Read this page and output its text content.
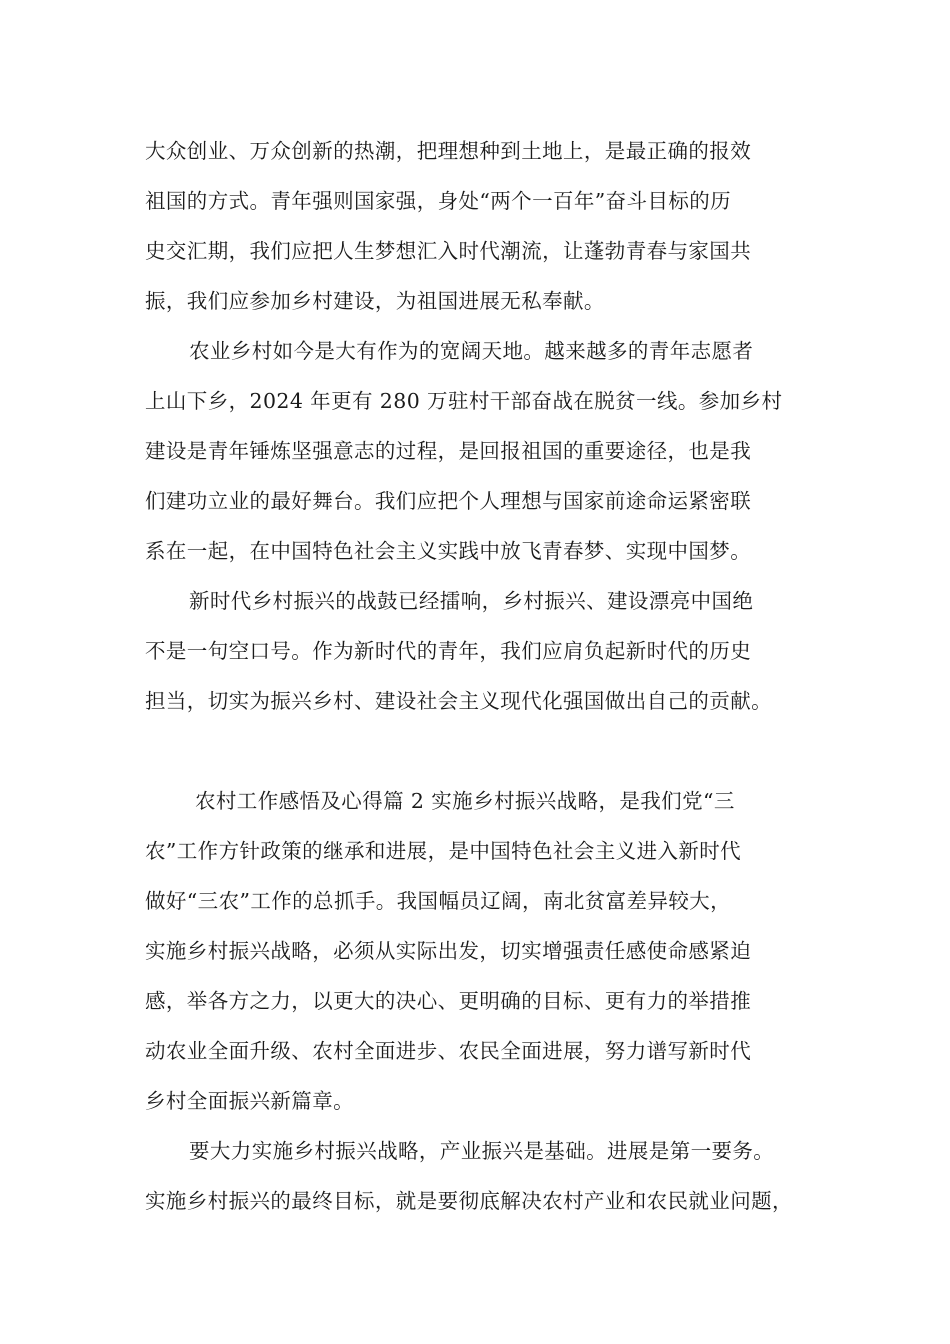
大众创业、万众创新的热潮，把理想种到土地上，是最正确的报效
祖国的方式。青年强则国家强，身处“两个一百年”奋斗目标的历
史交汇期，我们应把人生梦想汇入时代潮流，让蓬勃青春与家国共
振，我们应参加乡村建设，为祖国进展无私奉献。
农业乡村如今是大有作为的宽阔天地。越来越多的青年志愿者
上山下乡，2024 年更有 280 万驻村干部奋战在脱贫一线。参加乡村
建设是青年锤炼坚强意志的过程，是回报祖国的重要途径，也是我
们建功立业的最好舞台。我们应把个人理想与国家前途命运紧密联
系在一起，在中国特色社会主义实践中放飞青春梦、实现中国梦。
新时代乡村振兴的战鼓已经擂响，乡村振兴、建设漂亮中国绝
不是一句空口号。作为新时代的青年，我们应肩负起新时代的历史
担当，切实为振兴乡村、建设社会主义现代化强国做出自己的贡献。
农村工作感悟及心得篇 2 实施乡村振兴战略，是我们党“三
农”工作方针政策的继承和进展，是中国特色社会主义进入新时代
做好“三农”工作的总抓手。我国幅员辽阔，南北贫富差异较大，
实施乡村振兴战略，必须从实际出发，切实增强责任感使命感紧迫
感，举各方之力，以更大的决心、更明确的目标、更有力的举措推
动农业全面升级、农村全面进步、农民全面进展，努力谱写新时代
乡村全面振兴新篇章。
要大力实施乡村振兴战略，产业振兴是基础。进展是第一要务。
实施乡村振兴的最终目标，就是要彻底解决农村产业和农民就业问题，
